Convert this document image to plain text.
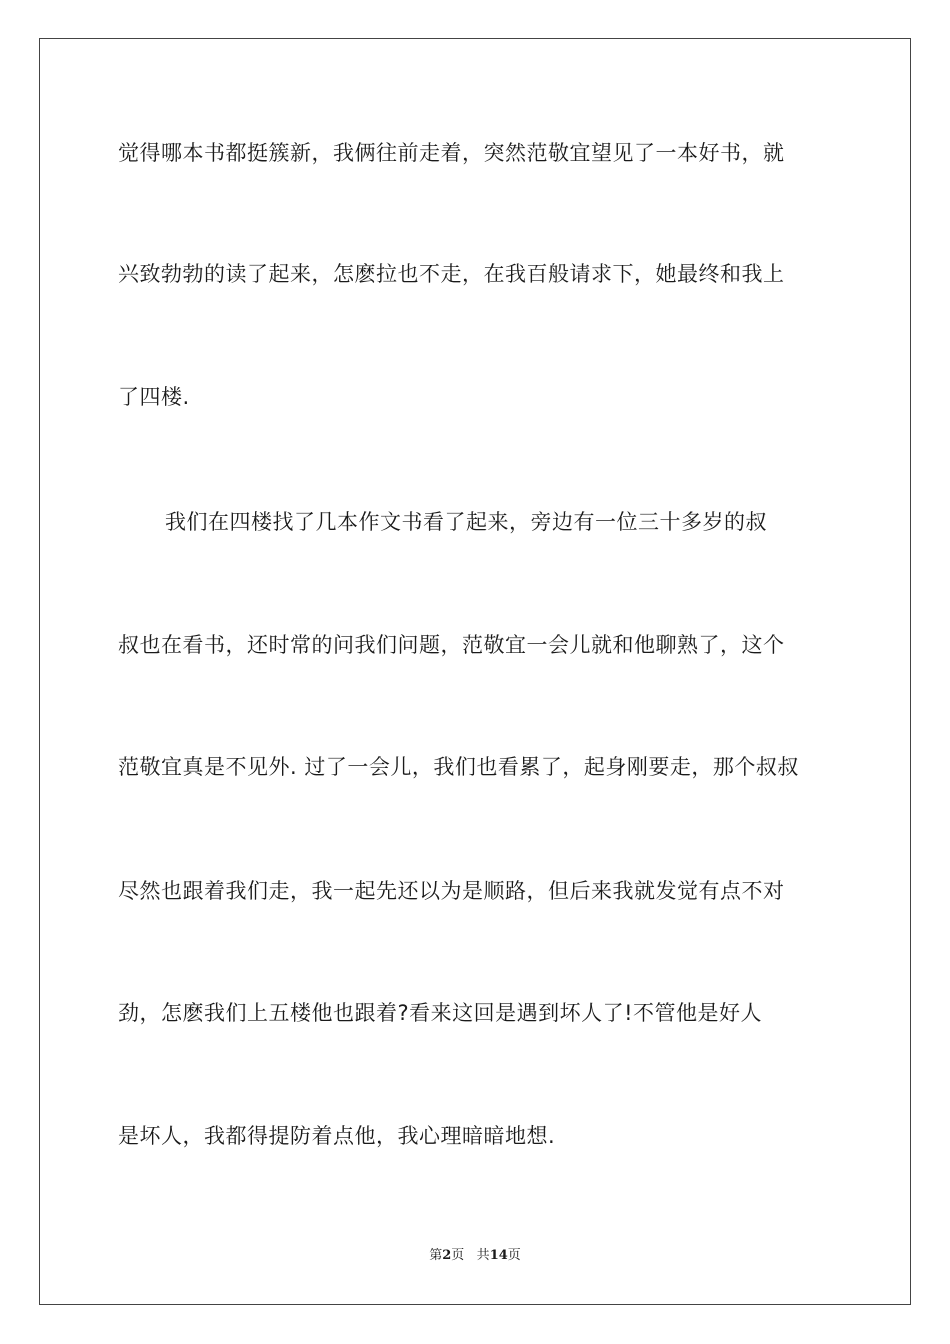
觉得哪本书都挺簇新，我俩往前走着，突然范敬宜望见了一本好书，就
兴致勃勃的读了起来，怎麽拉也不走，在我百般请求下，她最终和我上
了四楼.
我们在四楼找了几本作文书看了起来，旁边有一位三十多岁的叔
叔也在看书，还时常的问我们问题，范敬宜一会儿就和他聊熟了，这个
范敬宜真是不见外. 过了一会儿，我们也看累了，起身刚要走，那个叔叔
尽然也跟着我们走，我一起先还以为是顺路，但后来我就发觉有点不对
劲，怎麽我们上五楼他也跟着?看来这回是遇到坏人了!不管他是好人
是坏人，我都得提防着点他，我心理暗暗地想.
第2页 共14页
